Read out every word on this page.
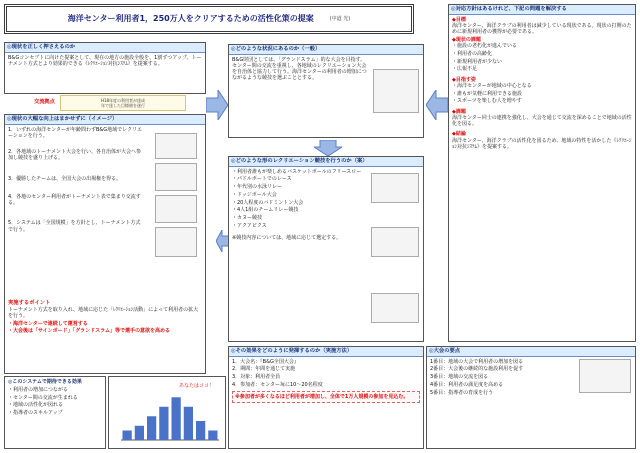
海洋センター利用者1，250万人をクリアするための活性化策の提案	(中道 光)
◎現状を正しく押さえるのか

B&Gコンセプトに向けた提案として、現在の地方の施設全般を、1割ずつアップ、トーナメント方式とより効果的できる《ﾚｸﾘｴｰｼｮﾝ対抗ｼｽﾃﾑ》を提案する。

交流拠点	H18年度の利用者が達成
年で達した目標値を遂行
◎現状の大幅な向上はまかせずに（イメージ）

1．いずれの海洋センターが年齢問わずB&G地域でレクリエーションを行う。

2．各地域のトーナメント大会を行い、各自治体が大会へ参加し競技を盛り上げる。

3．優勝したチームは、全国大会の出場権を得る。

4．各地のセンター利用者がトーナメント表で集まり交流する。

5．システムは「全国規模」を方針とし、トーナメント方式で行う。

実施するポイント

トーナメント方式を取り入れ、地域に応じた「ﾚｸﾘｴｰｼｮﾝ活動」によって利用者の拡大を行う。

・海洋センターで連続して運営する

・大会後は「サインボード」「グランドスラム」等で選手の意欲を高める

◎どのような状況にあるのか（一般）

B&G財団としては、「グランドスラム」的な大会を目指す。センター間の交流を重視し、各地域のレクリエーション大会を自治体と協力して行う。海洋センターの利用者の増加につながるような競技を選ぶこととする。

◎どのような形のレクリエーション競技を行うのか（案）

・利用者誰もが楽しめるバスケットボールのフリースロー

・パドルボートでのレース

・年代別の水泳リレー

・ドッジボール大会

・20人程度のバドミントン大会

・4人1組のチームリレー競技

・カヌー競技

・アクアビクス

※競技内容については、地域に応じて選定する。

◎その効果をどのように発揮するのか（実施方法）

1．大会名：『B&G全国大会』

2．期間：年間を通じて実施

3．対象：利用者全員

4．参加者：センター毎に10〜20名程度

※参加者が多くなるほど利用者が増加し、全体で1万人規模の参加を見込む。
◎大会の要点

1番目：地域の大会で利用者の増加を図る

2番目：大会後の継続的な施設利用を促す

3番目：地域の交流を図る

4番目：利用者の満足度を高める

5番目：指導者の育成を行う

◎対応方針はあるけれど、下記の問題を解決する
◆目標

海洋センター、海洋クラブの利用者は減少している現状である。現状の打開のために新規利用者の獲得が必要である。

◆現状の課題

・施設の老朽化が進んでいる

・利用者の高齢化

・新規利用者が少ない

・広報不足

◆目指す姿

・海洋センターが地域の中心となる

・誰もが気軽に利用できる施設

・スポーツを楽しむ人を増やす

◆課題

海洋センター同士の連携を強化し、大会を通じて交流を深めることで地域の活性化を図る。

◆結論

海洋センター、海洋クラブの活性化を図るため、地域の特性を活かした《ﾚｸﾘｴｰｼｮﾝ対抗ｼｽﾃﾑ》を提案する。

◎このシステムで期待できる効果

・利用者の増加につながる

・センター間の交流が生まれる

・地域の活性化が図れる

・指導者のスキルアップ

あなたはココ！
